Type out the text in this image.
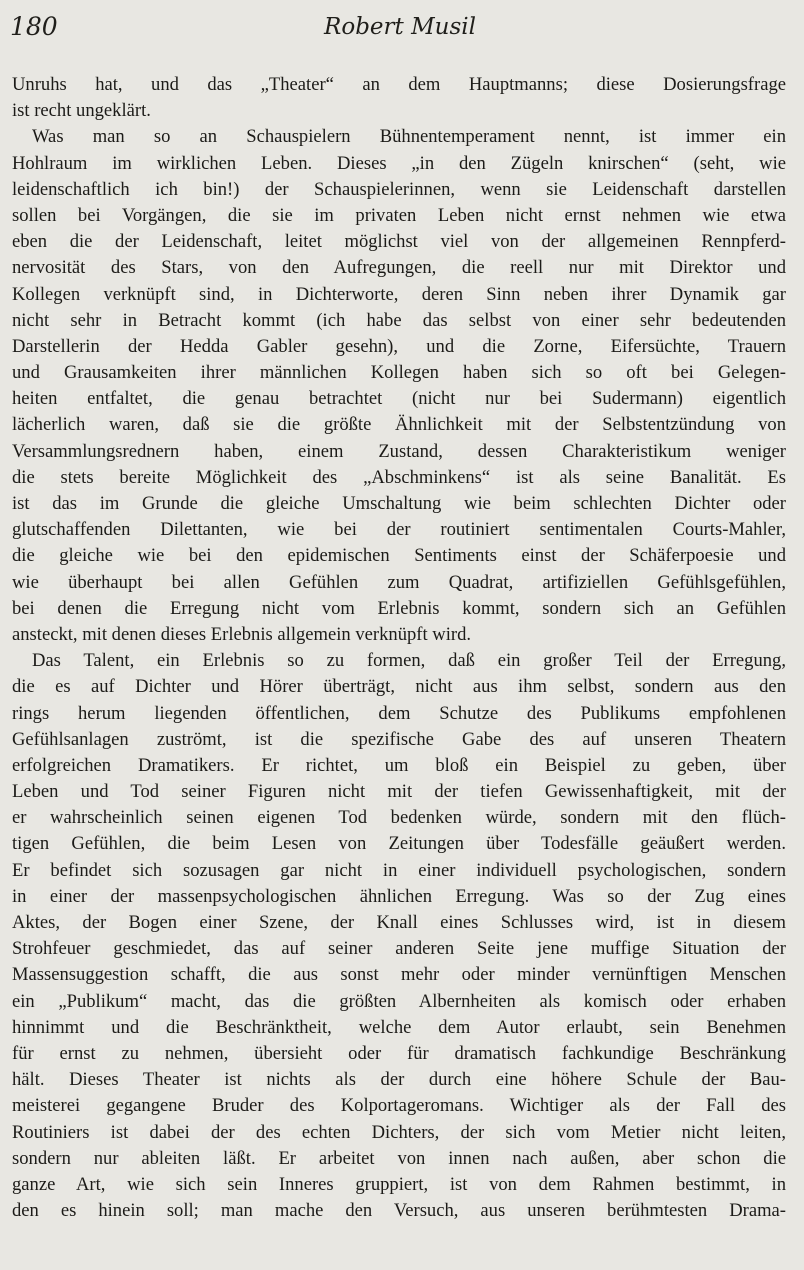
180	Robert Musil
Unruhs hat, und das „Theater“ an dem Hauptmanns; diese Dosierungsfrage
ist recht ungeklärt.
Was man so an Schauspielern Bühnentemperament nennt, ist immer ein
Hohlraum im wirklichen Leben. Dieses „in den Zügeln knirschen“ (seht, wie
leidenschaftlich ich bin!) der Schauspielerinnen, wenn sie Leidenschaft darstellen
sollen bei Vorgängen, die sie im privaten Leben nicht ernst nehmen wie etwa
eben die der Leidenschaft, leitet möglichst viel von der allgemeinen Rennpferd-
nervosität des Stars, von den Aufregungen, die reell nur mit Direktor und
Kollegen verknüpft sind, in Dichterworte, deren Sinn neben ihrer Dynamik gar
nicht sehr in Betracht kommt (ich habe das selbst von einer sehr bedeutenden
Darstellerin der Hedda Gabler gesehn), und die Zorne, Eifersüchte, Trauern
und Grausamkeiten ihrer männlichen Kollegen haben sich so oft bei Gelegen-
heiten entfaltet, die genau betrachtet (nicht nur bei Sudermann) eigentlich
lächerlich waren, daß sie die größte Ähnlichkeit mit der Selbstentzündung von
Versammlungsrednern haben, einem Zustand, dessen Charakteristikum weniger
die stets bereite Möglichkeit des „Abschminkens“ ist als seine Banalität. Es
ist das im Grunde die gleiche Umschaltung wie beim schlechten Dichter oder
glutschaffenden Dilettanten, wie bei der routiniert sentimentalen Courts-Mahler,
die gleiche wie bei den epidemischen Sentiments einst der Schäferpoesie und
wie überhaupt bei allen Gefühlen zum Quadrat, artifiziellen Gefühlsgefühlen,
bei denen die Erregung nicht vom Erlebnis kommt, sondern sich an Gefühlen
ansteckt, mit denen dieses Erlebnis allgemein verknüpft wird.
Das Talent, ein Erlebnis so zu formen, daß ein großer Teil der Erregung,
die es auf Dichter und Hörer überträgt, nicht aus ihm selbst, sondern aus den
rings herum liegenden öffentlichen, dem Schutze des Publikums empfohlenen
Gefühlsanlagen zuströmt, ist die spezifische Gabe des auf unseren Theatern
erfolgreichen Dramatikers. Er richtet, um bloß ein Beispiel zu geben, über
Leben und Tod seiner Figuren nicht mit der tiefen Gewissenhaftigkeit, mit der
er wahrscheinlich seinen eigenen Tod bedenken würde, sondern mit den flüch-
tigen Gefühlen, die beim Lesen von Zeitungen über Todesfälle geäußert werden.
Er befindet sich sozusagen gar nicht in einer individuell psychologischen, sondern
in einer der massenpsychologischen ähnlichen Erregung. Was so der Zug eines
Aktes, der Bogen einer Szene, der Knall eines Schlusses wird, ist in diesem
Strohfeuer geschmiedet, das auf seiner anderen Seite jene muffige Situation der
Massensuggestion schafft, die aus sonst mehr oder minder vernünftigen Menschen
ein „Publikum“ macht, das die größten Albernheiten als komisch oder erhaben
hinnimmt und die Beschränktheit, welche dem Autor erlaubt, sein Benehmen
für ernst zu nehmen, übersieht oder für dramatisch fachkundige Beschränkung
hält. Dieses Theater ist nichts als der durch eine höhere Schule der Bau-
meisterei gegangene Bruder des Kolportageromans. Wichtiger als der Fall des
Routiniers ist dabei der des echten Dichters, der sich vom Metier nicht leiten,
sondern nur ableiten läßt. Er arbeitet von innen nach außen, aber schon die
ganze Art, wie sich sein Inneres gruppiert, ist von dem Rahmen bestimmt, in
den es hinein soll; man mache den Versuch, aus unseren berühmtesten Drama-
